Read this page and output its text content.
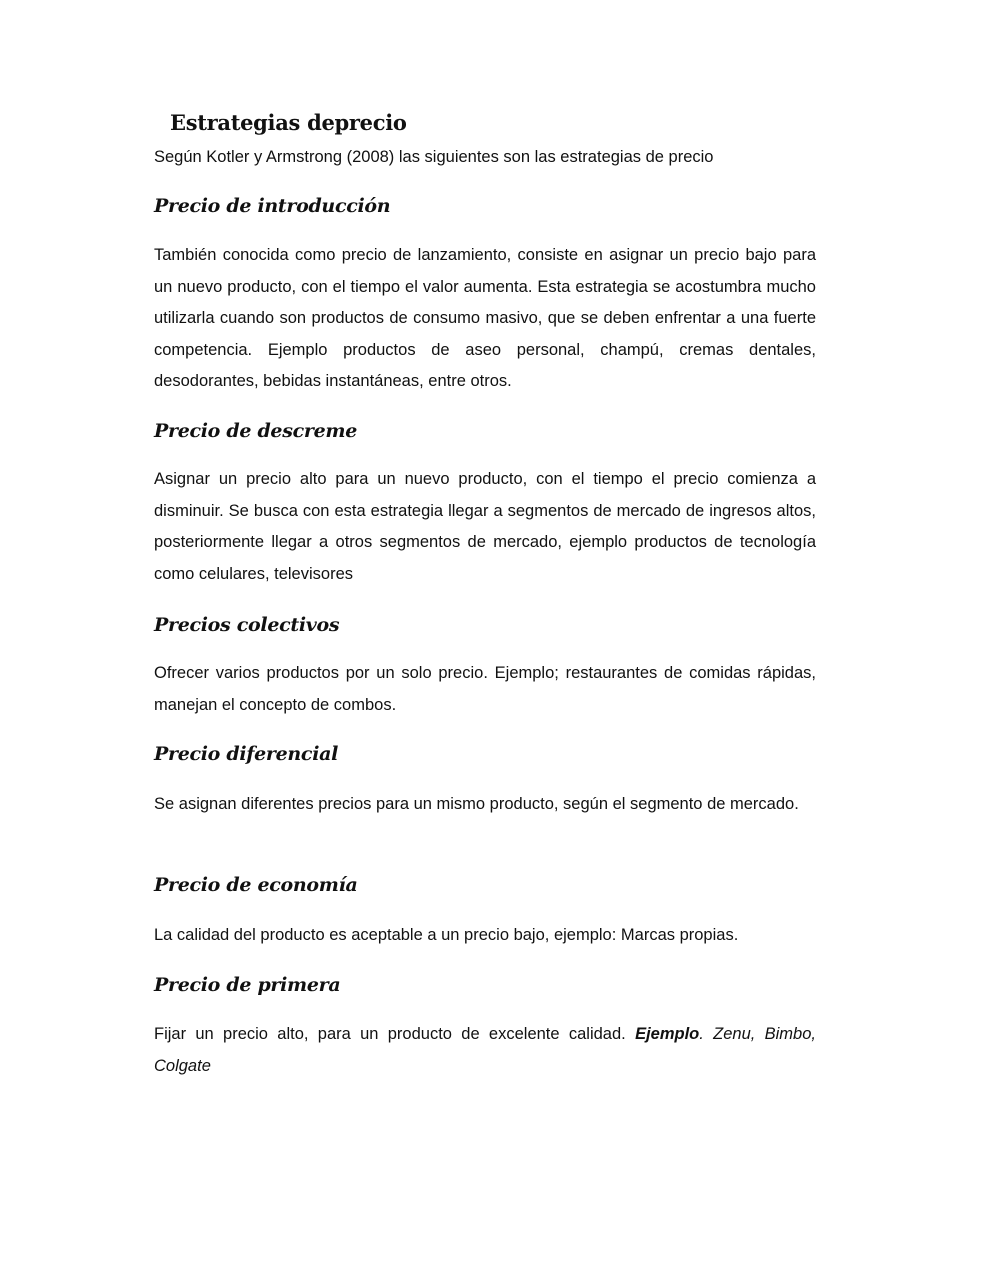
Estrategias deprecio

Según Kotler y Armstrong (2008) las siguientes son las estrategias de precio

Precio de introducción

También conocida como precio de lanzamiento, consiste en asignar un precio bajo para un nuevo producto, con el tiempo el valor aumenta. Esta estrategia se acostumbra mucho utilizarla cuando son productos de consumo masivo, que se deben enfrentar a una fuerte competencia. Ejemplo productos de aseo personal, champú, cremas dentales, desodorantes, bebidas instantáneas, entre otros.

Precio de descreme

Asignar un precio alto para un nuevo producto, con el tiempo el precio comienza a disminuir. Se busca con esta estrategia llegar a segmentos de mercado de ingresos altos, posteriormente llegar a otros segmentos de mercado, ejemplo productos de tecnología como celulares, televisores

Precios colectivos

Ofrecer varios productos por un solo precio. Ejemplo; restaurantes de comidas rápidas, manejan el concepto de combos.

Precio diferencial

Se asignan diferentes precios para un mismo producto, según el segmento de mercado.

Precio de economía

La calidad del producto es aceptable a un precio bajo, ejemplo: Marcas propias.

Precio de primera

Fijar un precio alto, para un producto de excelente calidad. Ejemplo. Zenu, Bimbo, Colgate
